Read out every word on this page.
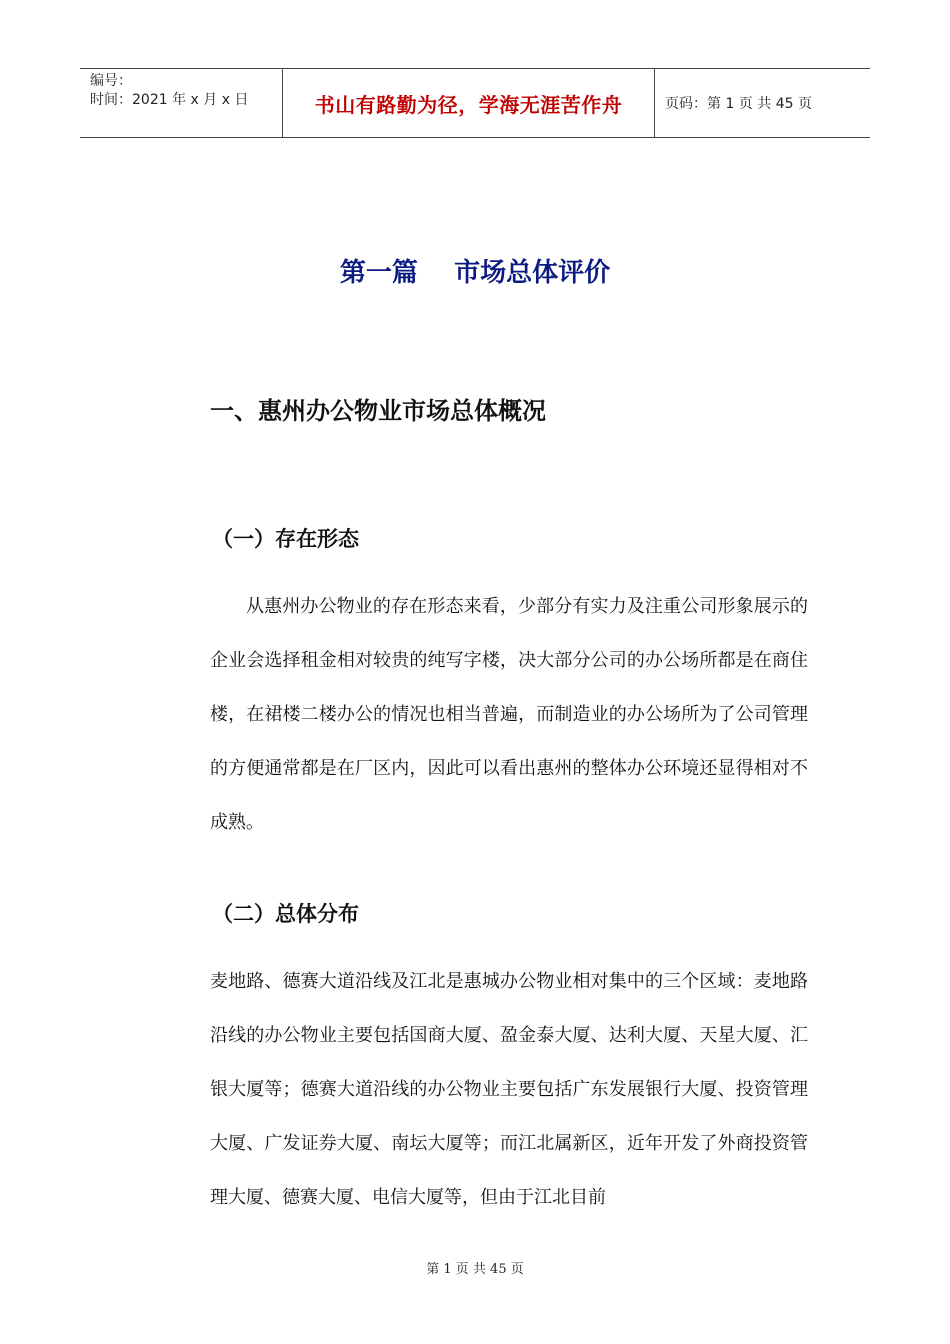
编号：
时间：2021 年 x 月 x 日	书山有路勤为径，学海无涯苦作舟	页码：第 1 页 共 45 页
第一篇    市场总体评价
一、惠州办公物业市场总体概况
（一）存在形态
从惠州办公物业的存在形态来看，少部分有实力及注重公司形象展示的企业会选择租金相对较贵的纯写字楼，决大部分公司的办公场所都是在商住楼，在裙楼二楼办公的情况也相当普遍，而制造业的办公场所为了公司管理的方便通常都是在厂区内，因此可以看出惠州的整体办公环境还显得相对不成熟。
（二）总体分布
麦地路、德赛大道沿线及江北是惠城办公物业相对集中的三个区域：麦地路沿线的办公物业主要包括国商大厦、盈金泰大厦、达利大厦、天星大厦、汇银大厦等；德赛大道沿线的办公物业主要包括广东发展银行大厦、投资管理大厦、广发证券大厦、南坛大厦等；而江北属新区，近年开发了外商投资管理大厦、德赛大厦、电信大厦等，但由于江北目前
第 1 页 共 45 页
